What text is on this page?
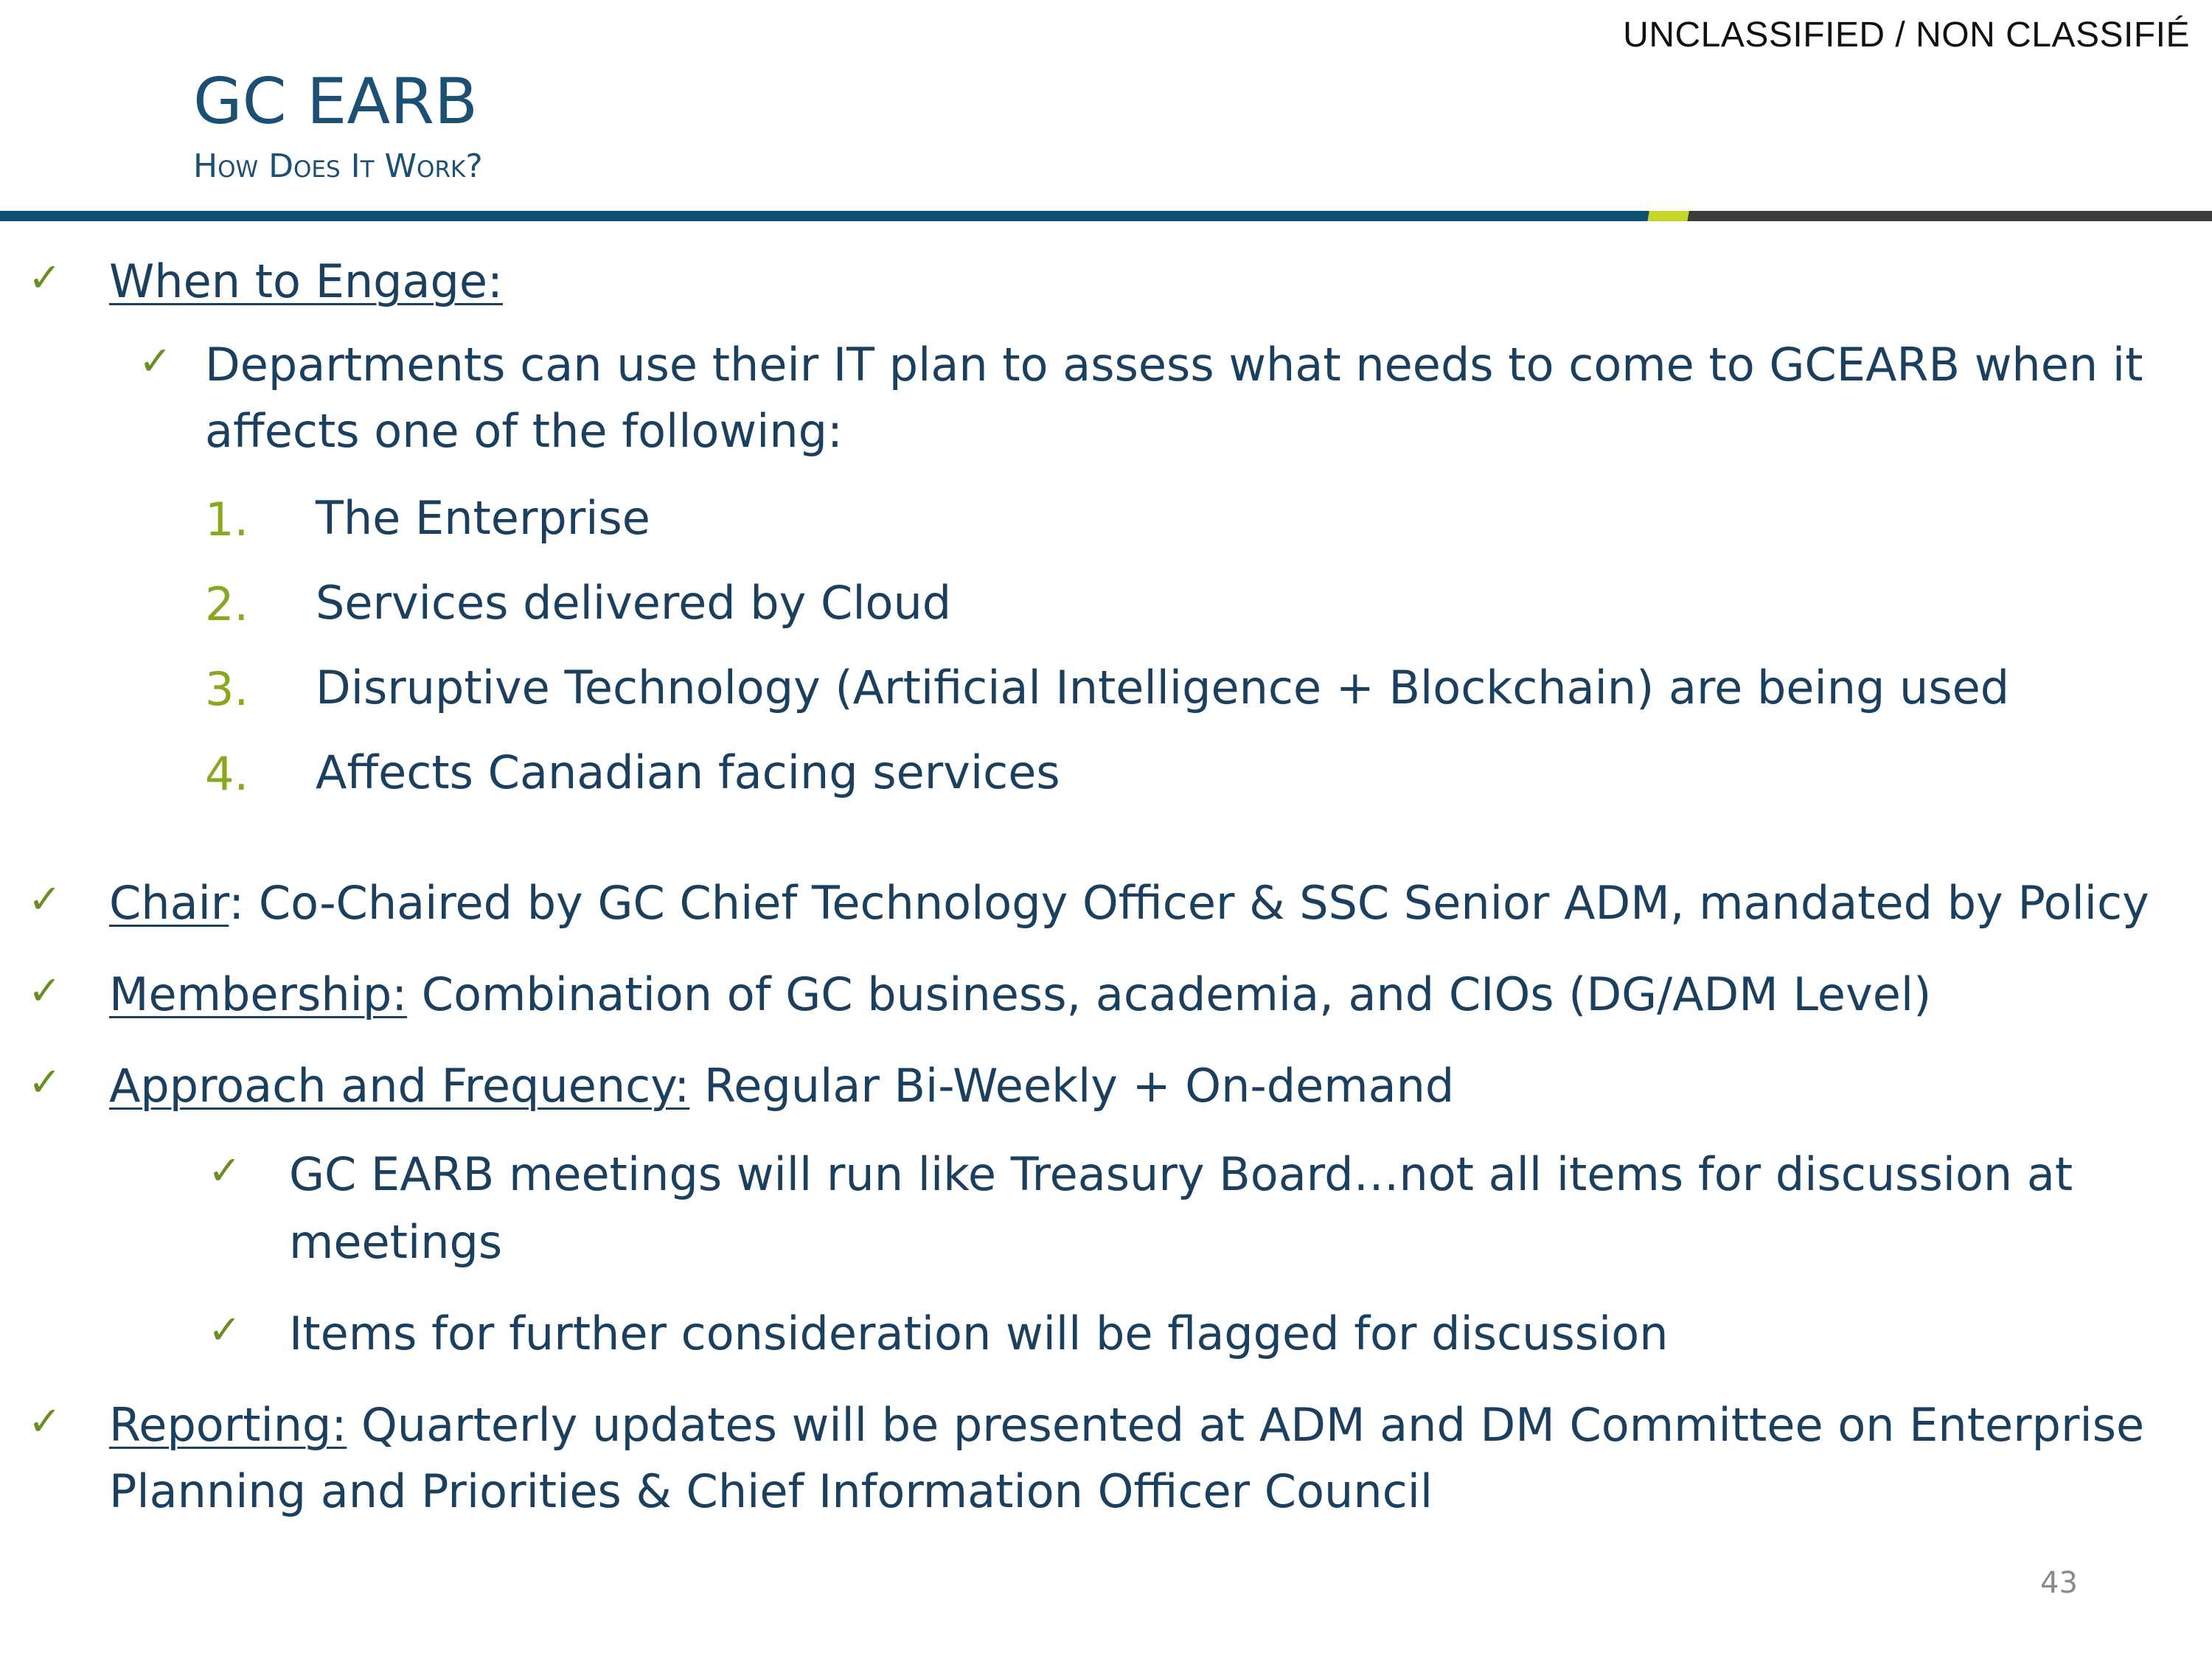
UNCLASSIFIED / NON CLASSIFIÉ
GC EARB
How Does It Work?
✓ When to Engage:
✓ Departments can use their IT plan to assess what needs to come to GCEARB when it
affects one of the following:
1. The Enterprise
2. Services delivered by Cloud
3. Disruptive Technology (Artificial Intelligence + Blockchain) are being used
4. Affects Canadian facing services
✓ Chair: Co-Chaired by GC Chief Technology Officer & SSC Senior ADM, mandated by Policy
✓ Membership: Combination of GC business, academia, and CIOs (DG/ADM Level)
✓ Approach and Frequency: Regular Bi-Weekly + On-demand
✓ GC EARB meetings will run like Treasury Board…not all items for discussion at
meetings
✓ Items for further consideration will be flagged for discussion
✓ Reporting: Quarterly updates will be presented at ADM and DM Committee on Enterprise
Planning and Priorities & Chief Information Officer Council
43
